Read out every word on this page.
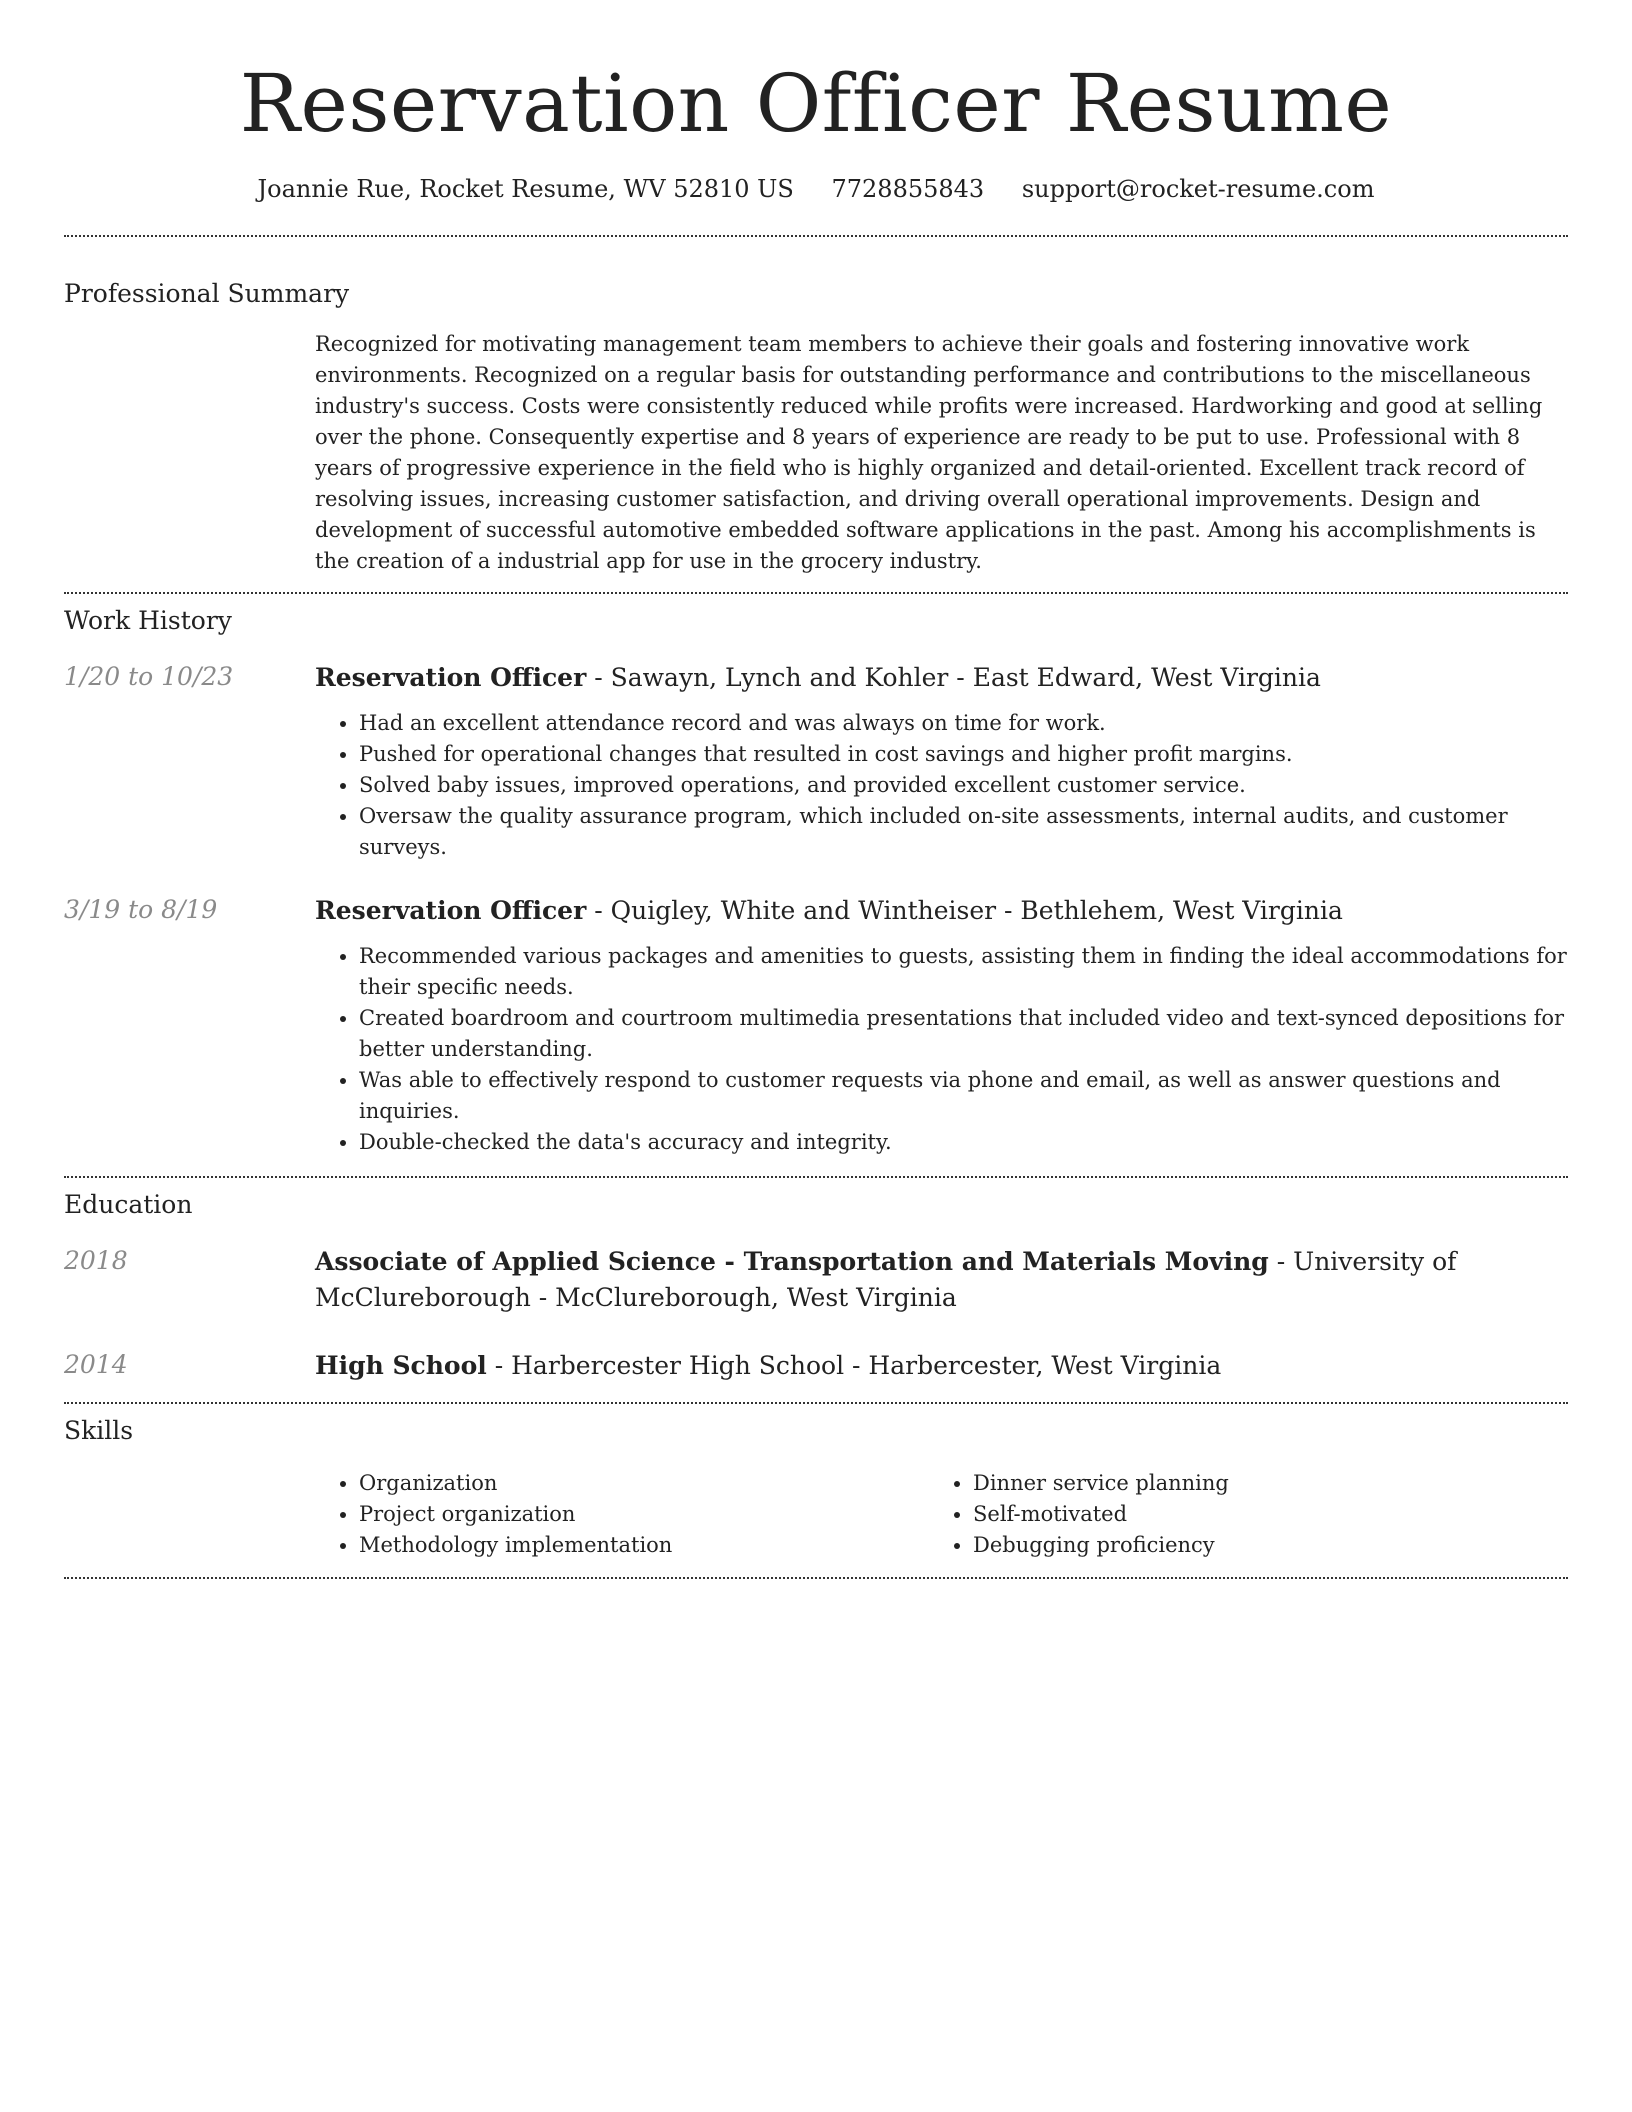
Reservation Officer Resume
Joannie Rue, Rocket Resume, WV 52810 US 7728855843 support@rocket-resume.com
Professional Summary

Recognized for motivating management team members to achieve their goals and fostering innovative work environments. Recognized on a regular basis for outstanding performance and contributions to the miscellaneous industry's success. Costs were consistently reduced while profits were increased. Hardworking and good at selling over the phone. Consequently expertise and 8 years of experience are ready to be put to use. Professional with 8 years of progressive experience in the field who is highly organized and detail-oriented. Excellent track record of resolving issues, increasing customer satisfaction, and driving overall operational improvements. Design and development of successful automotive embedded software applications in the past. Among his accomplishments is the creation of a industrial app for use in the grocery industry.

Work History
1/20 to 10/23	Reservation Officer - Sawayn, Lynch and Kohler - East Edward, West Virginia

• Had an excellent attendance record and was always on time for work.
• Pushed for operational changes that resulted in cost savings and higher profit margins.
• Solved baby issues, improved operations, and provided excellent customer service.
• Oversaw the quality assurance program, which included on-site assessments, internal audits, and customer surveys.
3/19 to 8/19	Reservation Officer - Quigley, White and Wintheiser - Bethlehem, West Virginia

• Recommended various packages and amenities to guests, assisting them in finding the ideal accommodations for their specific needs.
• Created boardroom and courtroom multimedia presentations that included video and text-synced depositions for better understanding.
• Was able to effectively respond to customer requests via phone and email, as well as answer questions and inquiries.
• Double-checked the data's accuracy and integrity.
Education
2018	Associate of Applied Science - Transportation and Materials Moving - University of McClureborough - McClureborough, West Virginia

2014	High School - Harbercester High School - Harbercester, West Virginia

Skills
• Organization
• Project organization
• Methodology implementation
• Dinner service planning
• Self-motivated
• Debugging proficiency
